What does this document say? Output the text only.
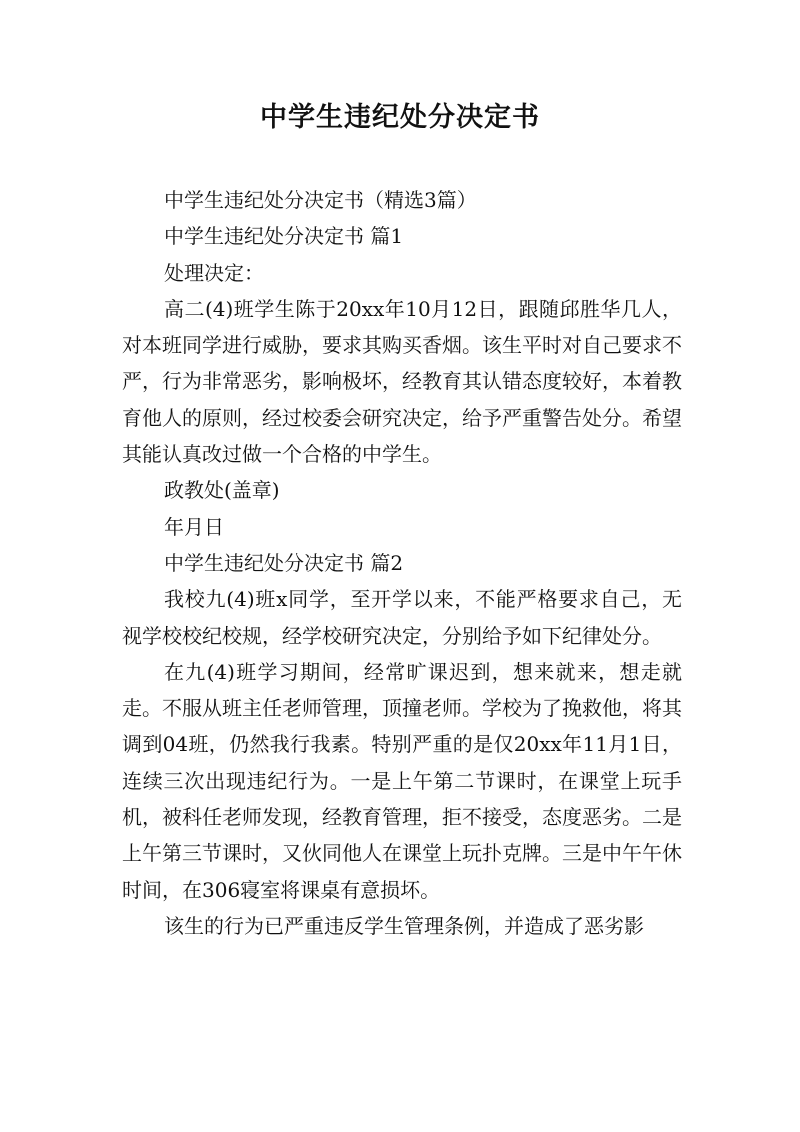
中学生违纪处分决定书

中学生违纪处分决定书（精选3篇）

中学生违纪处分决定书 篇1

处理决定：

高二(4)班学生陈于20xx年10月12日，跟随邱胜华几人，对本班同学进行威胁，要求其购买香烟。该生平时对自己要求不严，行为非常恶劣，影响极坏，经教育其认错态度较好，本着教育他人的原则，经过校委会研究决定，给予严重警告处分。希望其能认真改过做一个合格的中学生。

政教处(盖章)

年月日

中学生违纪处分决定书 篇2

我校九(4)班x同学，至开学以来，不能严格要求自己，无视学校校纪校规，经学校研究决定，分别给予如下纪律处分。

在九(4)班学习期间，经常旷课迟到，想来就来，想走就走。不服从班主任老师管理，顶撞老师。学校为了挽救他，将其调到04班，仍然我行我素。特别严重的是仅20xx年11月1日，连续三次出现违纪行为。一是上午第二节课时，在课堂上玩手机，被科任老师发现，经教育管理，拒不接受，态度恶劣。二是上午第三节课时，又伙同他人在课堂上玩扑克牌。三是中午午休时间，在306寝室将课桌有意损坏。

该生的行为已严重违反学生管理条例，并造成了恶劣影
